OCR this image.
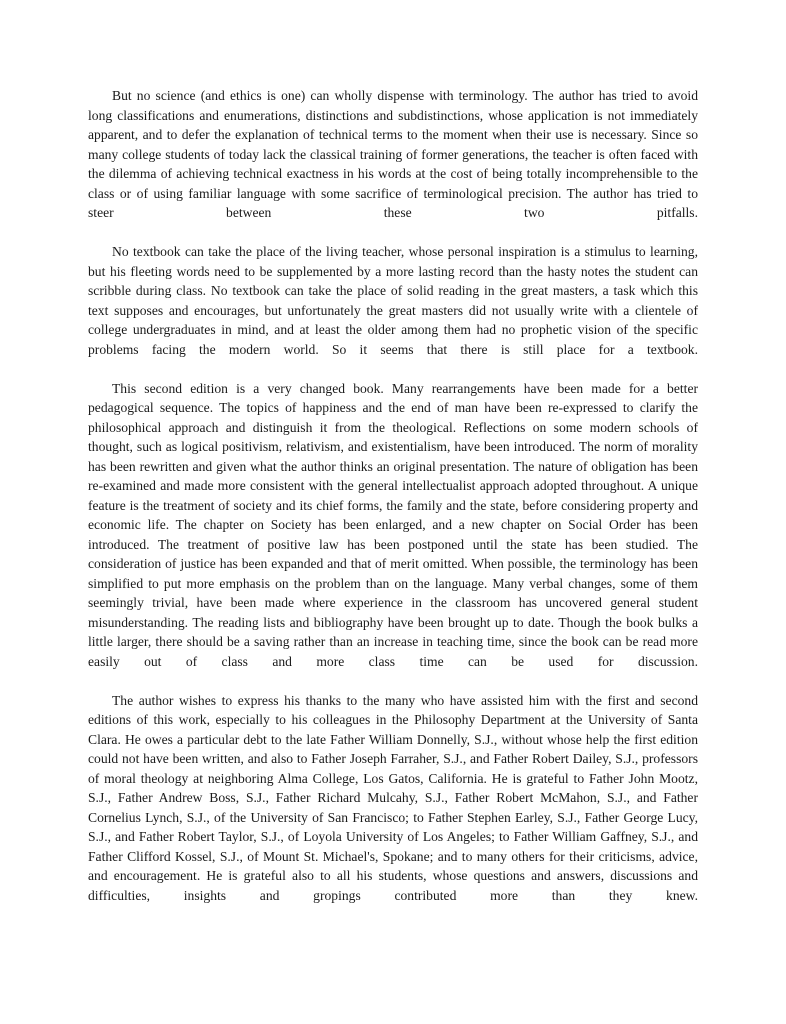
But no science (and ethics is one) can wholly dispense with terminology. The author has tried to avoid long classifications and enumerations, distinctions and subdistinctions, whose application is not immediately apparent, and to defer the explanation of technical terms to the moment when their use is necessary. Since so many college students of today lack the classical training of former generations, the teacher is often faced with the dilemma of achieving technical exactness in his words at the cost of being totally incomprehensible to the class or of using familiar language with some sacrifice of terminological precision. The author has tried to steer between these two pitfalls.

No textbook can take the place of the living teacher, whose personal inspiration is a stimulus to learning, but his fleeting words need to be supplemented by a more lasting record than the hasty notes the student can scribble during class. No textbook can take the place of solid reading in the great masters, a task which this text supposes and encourages, but unfortunately the great masters did not usually write with a clientele of college undergraduates in mind, and at least the older among them had no prophetic vision of the specific problems facing the modern world. So it seems that there is still place for a textbook.

This second edition is a very changed book. Many rearrangements have been made for a better pedagogical sequence. The topics of happiness and the end of man have been re-expressed to clarify the philosophical approach and distinguish it from the theological. Reflections on some modern schools of thought, such as logical positivism, relativism, and existentialism, have been introduced. The norm of morality has been rewritten and given what the author thinks an original presentation. The nature of obligation has been re-examined and made more consistent with the general intellectualist approach adopted throughout. A unique feature is the treatment of society and its chief forms, the family and the state, before considering property and economic life. The chapter on Society has been enlarged, and a new chapter on Social Order has been introduced. The treatment of positive law has been postponed until the state has been studied. The consideration of justice has been expanded and that of merit omitted. When possible, the terminology has been simplified to put more emphasis on the problem than on the language. Many verbal changes, some of them seemingly trivial, have been made where experience in the classroom has uncovered general student misunderstanding. The reading lists and bibliography have been brought up to date. Though the book bulks a little larger, there should be a saving rather than an increase in teaching time, since the book can be read more easily out of class and more class time can be used for discussion.

The author wishes to express his thanks to the many who have assisted him with the first and second editions of this work, especially to his colleagues in the Philosophy Department at the University of Santa Clara. He owes a particular debt to the late Father William Donnelly, S.J., without whose help the first edition could not have been written, and also to Father Joseph Farraher, S.J., and Father Robert Dailey, S.J., professors of moral theology at neighboring Alma College, Los Gatos, California. He is grateful to Father John Mootz, S.J., Father Andrew Boss, S.J., Father Richard Mulcahy, S.J., Father Robert McMahon, S.J., and Father Cornelius Lynch, S.J., of the University of San Francisco; to Father Stephen Earley, S.J., Father George Lucy, S.J., and Father Robert Taylor, S.J., of Loyola University of Los Angeles; to Father William Gaffney, S.J., and Father Clifford Kossel, S.J., of Mount St. Michael's, Spokane; and to many others for their criticisms, advice, and encouragement. He is grateful also to all his students, whose questions and answers, discussions and difficulties, insights and gropings contributed more than they knew.
